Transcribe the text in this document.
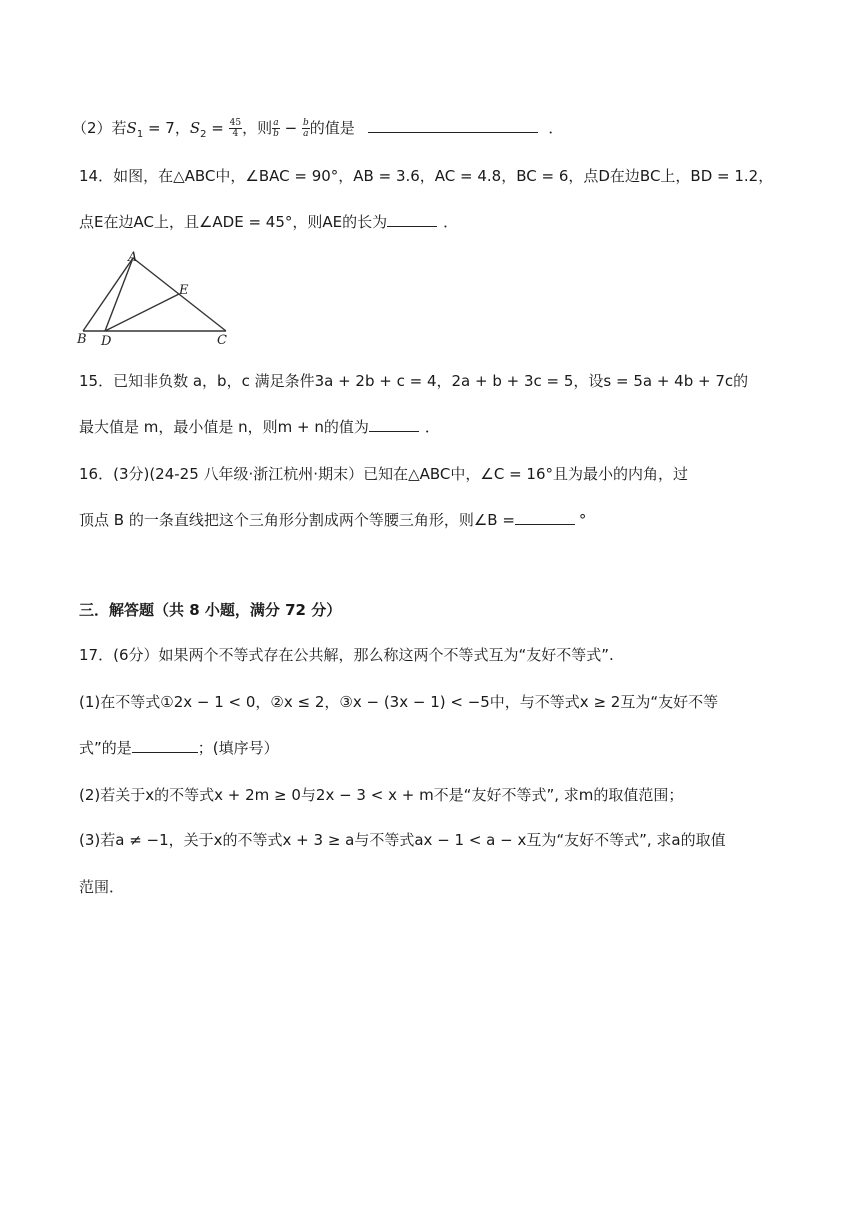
（2）若$S_1 = 7$，$S_2 = \frac{45}{4}$ ，则 $\frac{a}{b} - \frac{b}{a}$ 的值是	．
14．如图，在△ABC中，∠BAC = 90°，AB = 3.6，AC = 4.8，BC = 6，点D在边BC上，BD = 1.2，
点E在边AC上，且∠ADE = 45°，则AE的长为	．
A
B	C
D
E
15．已知非负数 a，b，c 满足条件3a + 2b + c = 4，2a + b + 3c = 5，设s = 5a + 4b + 7c的
最大值是 m，最小值是 n，则m + n的值为	．
16．(3分)(24-25 八年级·浙江杭州·期末）已知在△ABC中，∠C = 16°且为最小的内角，过
顶点 B 的一条直线把这个三角形分割成两个等腰三角形，则∠B =	°
三．解答题（共 8 小题，满分 72 分）
17．(6分）如果两个不等式存在公共解，那么称这两个不等式互为“友好不等式”.
(1)在不等式①2x − 1 < 0，②x ≤ 2，③x − (3x − 1) < −5中，与不等式x ≥ 2互为“友好不等
式”的是	；(填序号）
(2)若关于x的不等式x + 2m ≥ 0与2x − 3 < x + m不是“友好不等式”, 求m的取值范围；
(3)若a ≠ −1，关于x的不等式x + 3 ≥ a与不等式ax − 1 < a − x互为“友好不等式”, 求a的取值
范围．
